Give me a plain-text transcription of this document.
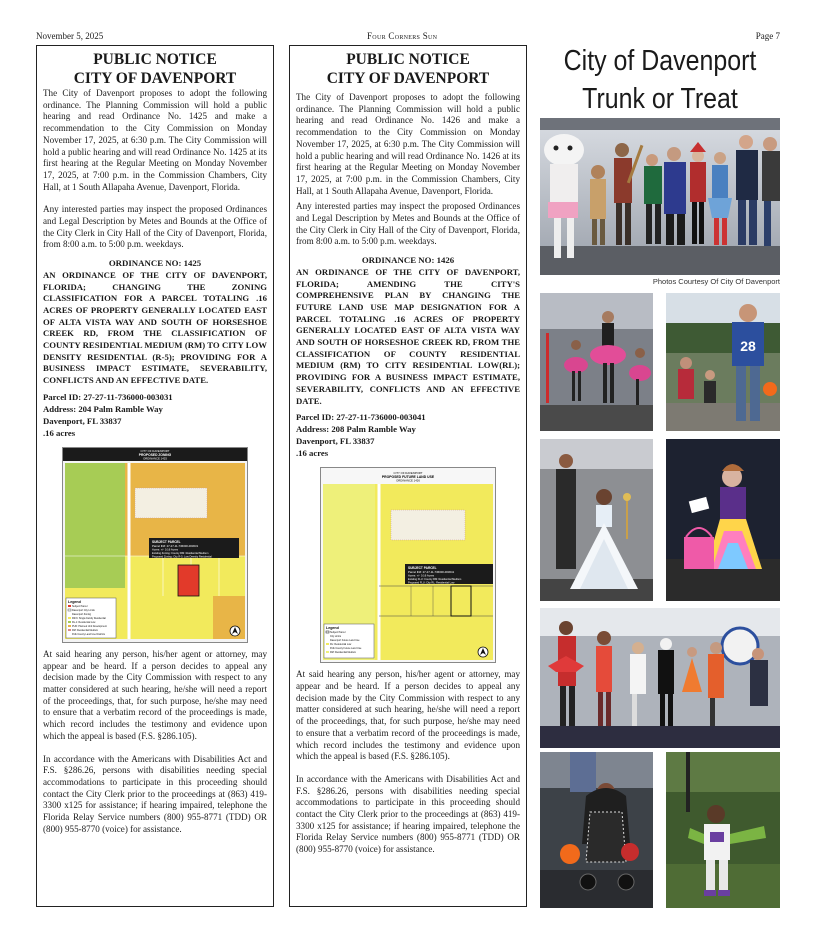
November 5, 2025	Four Corners Sun	Page 7
PUBLIC NOTICE
CITY OF DAVENPORT

The City of Davenport proposes to adopt the following ordinance. The Planning Commission will hold a public hearing and read Ordinance No. 1425 and make a recommendation to the City Commission on Monday November 17, 2025, at 6:30 p.m. The City Commission will hold a public hearing and will read Ordinance No. 1425 at its first hearing at the Regular Meeting on Monday November 17, 2025, at 7:00 p.m. in the Commission Chambers, City Hall, at 1 South Allapaha Avenue, Davenport, Florida.

Any interested parties may inspect the proposed Ordinances and Legal Description by Metes and Bounds at the Office of the City Clerk in City Hall of the City of Davenport, Florida, from 8:00 a.m. to 5:00 p.m. weekdays.

ORDINANCE NO: 1425

AN ORDINANCE OF THE CITY OF DAVENPORT, FLORIDA; CHANGING THE ZONING CLASSIFICATION FOR A PARCEL TOTALING .16 ACRES OF PROPERTY GENERALLY LOCATED EAST OF ALTA VISTA WAY AND SOUTH OF HORSESHOE CREEK RD, FROM THE CLASSIFICATION OF COUNTY RESIDENTIAL MEDIUM (RM) TO CITY LOW DENSITY RESIDENTIAL (R-5); PROVIDING FOR A BUSINESS IMPACT ESTIMATE, SEVERABILITY, CONFLICTS AND AN EFFECTIVE DATE.

Parcel ID: 27-27-11-736000-003031

Address: 204 Palm Ramble Way

Davenport, FL 33837

.16 acres

CITY OF DAVENPORT
PROPOSED ZONING
ORDINANCE 1425
SUBJECT PARCEL
Parcel ID#: 27-27-11-736000-003031
Acres: +/- 0.16 Acres
Existing Zoning: County RM: Residential Medium
Proposed Zoning: City R-5: Low Density Residential
Legend
Subject Parcel
Davenport City Limits
Davenport Zoning
RR-6: Single Family Residential
RL-1: Residential Low
PUD: Planned Unit Development
RM: Residential Medium
Polk County Land Use Districts

At said hearing any person, his/her agent or attorney, may appear and be heard. If a person decides to appeal any decision made by the City Commission with respect to any matter considered at such hearing, he/she will need a report of the proceedings, that, for such purpose, he/she may need to ensure that a verbatim record of the proceedings is made, which record includes the testimony and evidence upon which the appeal is based (F.S. §286.105).

In accordance with the Americans with Disabilities Act and F.S. §286.26, persons with disabilities needing special accommodations to participate in this proceeding should contact the City Clerk prior to the proceedings at (863) 419-3300 x125 for assistance; if hearing impaired, telephone the Florida Relay Service numbers (800) 955-8771 (TDD) OR (800) 955-8770 (voice) for assistance.

PUBLIC NOTICE
CITY OF DAVENPORT

The City of Davenport proposes to adopt the following ordinance. The Planning Commission will hold a public hearing and read Ordinance No. 1426 and make a recommendation to the City Commission on Monday November 17, 2025, at 6:30 p.m. The City Commission will hold a public hearing and will read Ordinance No. 1426 at its first hearing at the Regular Meeting on Monday November 17, 2025, at 7:00 p.m. in the Commission Chambers, City Hall, at 1 South Allapaha Avenue, Davenport, Florida.

Any interested parties may inspect the proposed Ordinances and Legal Description by Metes and Bounds at the Office of the City Clerk in City Hall of the City of Davenport, Florida, from 8:00 a.m. to 5:00 p.m. weekdays.

ORDINANCE NO: 1426

AN ORDINANCE OF THE CITY OF DAVENPORT, FLORIDA; AMENDING THE CITY'S COMPREHENSIVE PLAN BY CHANGING THE FUTURE LAND USE MAP DESIGNATION FOR A PARCEL TOTALING .16 ACRES OF PROPERTY GENERALLY LOCATED EAST OF ALTA VISTA WAY AND SOUTH OF HORSESHOE CREEK RD, FROM THE CLASSIFICATION OF COUNTY RESIDENTIAL MEDIUM (RM) TO CITY RESIDENTIAL LOW(RL); PROVIDING FOR A BUSINESS IMPACT ESTIMATE, SEVERABILITY, CONFLICTS AND AN EFFECTIVE DATE.

Parcel ID: 27-27-11-736000-003041

Address: 208 Palm Ramble Way

Davenport, FL 33837

.16 acres

CITY OF DAVENPORT
PROPOSED FUTURE LAND USE
ORDINANCE 1426
SUBJECT PARCEL
Parcel ID#: 27-27-11-736000-003041
Acres: +/- 0.16 Acres
Existing FLU: County RM: Residential Medium
Proposed FLU: City RL: Residential Low
Legend
Subject Parcel
City Limits
Davenport Future Land Use
RL: Residential Low
Polk County Future Land Use
RM: Residential Medium

At said hearing any person, his/her agent or attorney, may appear and be heard. If a person decides to appeal any decision made by the City Commission with respect to any matter considered at such hearing, he/she will need a report of the proceedings, that, for such purpose, he/she may need to ensure that a verbatim record of the proceedings is made, which record includes the testimony and evidence upon which the appeal is based (F.S. §286.105).

In accordance with the Americans with Disabilities Act and F.S. §286.26, persons with disabilities needing special accommodations to participate in this proceeding should contact the City Clerk prior to the proceedings at (863) 419-3300 x125 for assistance; if hearing impaired, telephone the Florida Relay Service numbers (800) 955-8771 (TDD) OR (800) 955-8770 (voice) for assistance.

City of Davenport
Trunk or Treat
Photos Courtesy Of City Of Davenport
28
